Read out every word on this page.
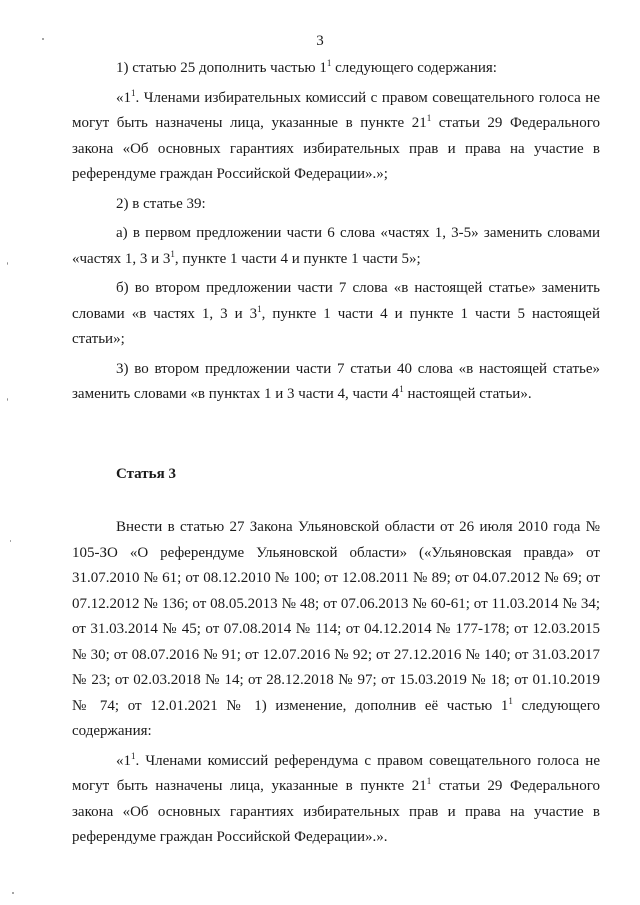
3

1) статью 25 дополнить частью $1^1$ следующего содержания:

«$1^1$. Членами избирательных комиссий с правом совещательного голоса не могут быть назначены лица, указанные в пункте $21^1$ статьи 29 Федерального закона «Об основных гарантиях избирательных прав и права на участие в референдуме граждан Российской Федерации».»;

2) в статье 39:

а) в первом предложении части 6 слова «частях 1, 3-5» заменить словами «частях 1, 3 и $3^1$, пункте 1 части 4 и пункте 1 части 5»;

б) во втором предложении части 7 слова «в настоящей статье» заменить словами «в частях 1, 3 и $3^1$, пункте 1 части 4 и пункте 1 части 5 настоящей статьи»;

3) во втором предложении части 7 статьи 40 слова «в настоящей статье» заменить словами «в пунктах 1 и 3 части 4, части $4^1$ настоящей статьи».

Статья 3

Внести в статью 27 Закона Ульяновской области от 26 июля 2010 года № 105-ЗО «О референдуме Ульяновской области» («Ульяновская правда» от 31.07.2010 № 61; от 08.12.2010 № 100; от 12.08.2011 № 89; от 04.07.2012 № 69; от 07.12.2012 № 136; от 08.05.2013 № 48; от 07.06.2013 № 60-61; от 11.03.2014 № 34; от 31.03.2014 № 45; от 07.08.2014 № 114; от 04.12.2014 № 177-178; от 12.03.2015 № 30; от 08.07.2016 № 91; от 12.07.2016 № 92; от 27.12.2016 № 140; от 31.03.2017 № 23; от 02.03.2018 № 14; от 28.12.2018 № 97; от 15.03.2019 № 18; от 01.10.2019 № 74; от 12.01.2021 № 1) изменение, дополнив её частью $1^1$ следующего содержания:

«$1^1$. Членами комиссий референдума с правом совещательного голоса не могут быть назначены лица, указанные в пункте $21^1$ статьи 29 Федерального закона «Об основных гарантиях избирательных прав и права на участие в референдуме граждан Российской Федерации».».
